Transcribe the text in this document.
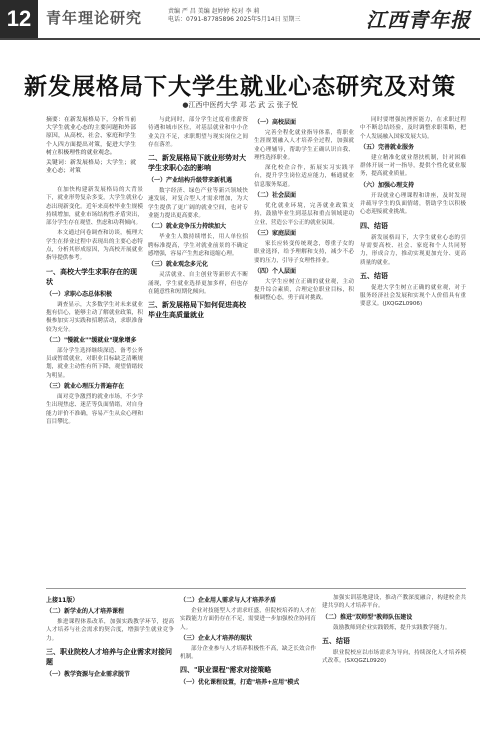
12 青年理论研究	责编 严 昌 美编 赵婷婷 校对 李 莉
电话：0791-87785896 2025年5月14日 星期三	江西青年报
新发展格局下大学生就业心态研究及对策
●江西中医药大学 邓 芯 武 云 张子悦
摘要：在新发展格局下，分析当前大学生就业心态的主要问题和外部原因，从高校、社会、家庭和学生个人四方面提出对策，促进大学生树立积极理性的就业观念。
关键词：新发展格局；大学生；就业心态；对策
在加快构建新发展格局的大背景下，就业形势复杂多变，大学生就业心态出现新变化。近年来高校毕业生规模持续增加，就业市场结构性矛盾突出，部分学生存在观望、焦虑和功利倾向。
本文通过问卷调查和访谈，梳理大学生在择业过程中表现出的主要心态特点，分析其形成原因，为高校开展就业指导提供参考。
一、高校大学生求职存在的现状
（一）求职心态总体积极
调查显示，大多数学生对未来就业抱有信心，能够主动了解就业政策，积极参加实习实践和招聘活动，求职准备较为充分。
（二）"慢就业""缓就业"现象增多
部分学生选择继续深造、备考公务员或暂缓就业，对职业目标缺乏清晰规划，就业主动性有所下降，观望情绪较为明显。
（三）就业心理压力普遍存在
面对竞争激烈的就业市场，不少学生出现焦虑、迷茫等负面情绪，对自身能力评价不准确，容易产生从众心理和盲目攀比。
与此同时，部分学生过度看重薪资待遇和城市区位，对基层就业和中小企业关注不足，求职期望与现实岗位之间存在落差。
二、新发展格局下就业形势对大学生求职心态的影响
（一）产业结构升级带来新机遇
数字经济、绿色产业等新兴领域快速发展，对复合型人才需求增加，为大学生提供了更广阔的就业空间，也对专业能力提出更高要求。
（二）就业竞争压力持续加大
毕业生人数持续增长，用人单位招聘标准提高，学生对就业前景的不确定感增强，容易产生焦虑和退缩心理。
（三）就业观念多元化
灵活就业、自主创业等新形式不断涌现，学生就业选择更加多样，但也存在随意性和短期化倾向。
三、新发展格局下如何促进高校毕业生高质量就业
（一）高校层面
完善全程化就业指导体系，将职业生涯规划融入人才培养全过程，加强就业心理辅导，帮助学生正确认识自我、理性选择职业。
深化校企合作，拓展实习实践平台，提升学生岗位适应能力，畅通就业信息服务渠道。
（二）社会层面
优化就业环境，完善就业政策支持，鼓励毕业生到基层和重点领域建功立业，营造公平公正的就业氛围。
（三）家庭层面
家长应转变传统观念，尊重子女的职业选择，给予理解和支持，减少不必要的压力，引导子女理性择业。
（四）个人层面
大学生应树立正确的就业观，主动提升综合素质，合理定位职业目标，积极调整心态，勇于面对挑战。
同时要增强抗挫折能力，在求职过程中不断总结经验，及时调整求职策略，把个人发展融入国家发展大局。
（五）完善就业服务
建立精准化就业帮扶机制，针对困难群体开展一对一指导，提供个性化就业服务，提高就业质量。
（六）加强心理支持
开设就业心理课程和讲座，及时发现并疏导学生的负面情绪，帮助学生以积极心态迎接就业挑战。
四、结语
新发展格局下，大学生就业心态的引导需要高校、社会、家庭和个人共同努力，形成合力，推动实现更加充分、更高质量的就业。
五、结语
促进大学生树立正确的就业观，对于服务经济社会发展和实现个人价值具有重要意义。(JXQGZL0906)
上接11版）
（二）新学业的人才培养课程
推进课程体系改革，加强实践教学环节，提高人才培养与社会需求的契合度，增强学生就业竞争力。
三、职业院校人才培养与企业需求对接问题
（一）教学资源与企业需求脱节
（二）企业用人需求与人才培养矛盾
企业对技能型人才需求旺盛，但院校培养的人才在实践能力方面仍存在不足，需要进一步加强校企协同育人。
（三）企业人才培养的现状
部分企业参与人才培养积极性不高，缺乏长效合作机制。
四、"职业课程"需求对接策略
（一）优化课程设置，打造"培养+应用"模式
加强实训基地建设，推动产教深度融合，构建校企共建共享的人才培养平台。
（二）推进"双师型"教师队伍建设
鼓励教师到企业实践锻炼，提升实践教学能力。
五、结语
职业院校应以市场需求为导向，持续深化人才培养模式改革。(SXQGZL0920)
